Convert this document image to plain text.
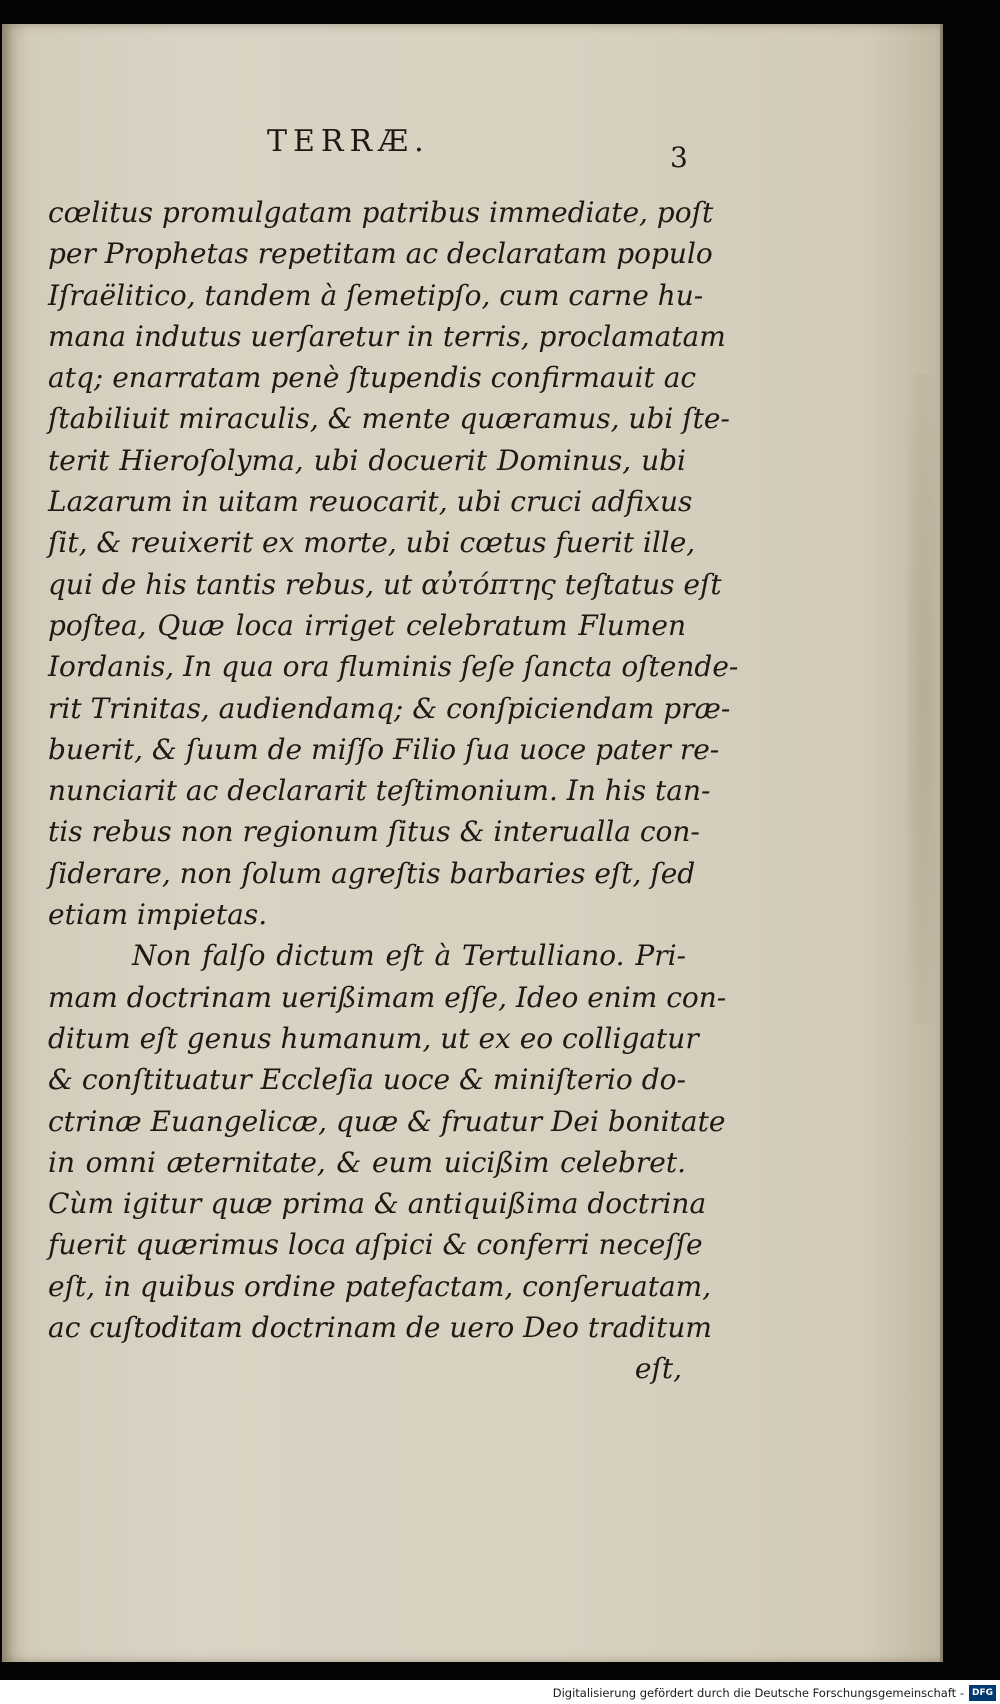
TERRÆ.	3
cœlitus promulgatam patribus immediate, poſt
per Prophetas repetitam ac declaratam populo
Iſraëlitico, tandem à ſemetipſo, cum carne hu-
mana indutus uerſaretur in terris, proclamatam
atq; enarratam penè ſtupendis confirmauit ac
ſtabiliuit miraculis, & mente quæramus, ubi ſte-
terit Hieroſolyma, ubi docuerit Dominus, ubi
Lazarum in uitam reuocarit, ubi cruci adfixus
ſit, & reuixerit ex morte, ubi cœtus fuerit ille,
qui de his tantis rebus, ut αὐτόπτης teſtatus eſt
poſtea, Quæ loca irriget celebratum Flumen
Iordanis, In qua ora fluminis ſeſe ſancta oſtende-
rit Trinitas, audiendamq; & conſpiciendam præ-
buerit, & ſuum de miſſo Filio ſua uoce pater re-
nunciarit ac declararit teſtimonium. In his tan-
tis rebus non regionum ſitus & interualla con-
ſiderare, non ſolum agreſtis barbaries eſt, ſed
etiam impietas.
Non falſo dictum eſt à Tertulliano. Pri-
mam doctrinam uerißimam eſſe, Ideo enim con-
ditum eſt genus humanum, ut ex eo colligatur
& conſtituatur Eccleſia uoce & miniſterio do-
ctrinæ Euangelicæ, quæ & fruatur Dei bonitate
in omni æternitate, & eum uicißim celebret.
Cùm igitur quæ prima & antiquißima doctrina
fuerit quærimus loca aſpici & conferri neceſſe
eſt, in quibus ordine patefactam, conſeruatam,
ac cuſtoditam doctrinam de uero Deo traditum
eſt,
Digitalisierung gefördert durch die Deutsche Forschungsgemeinschaft - DFG
